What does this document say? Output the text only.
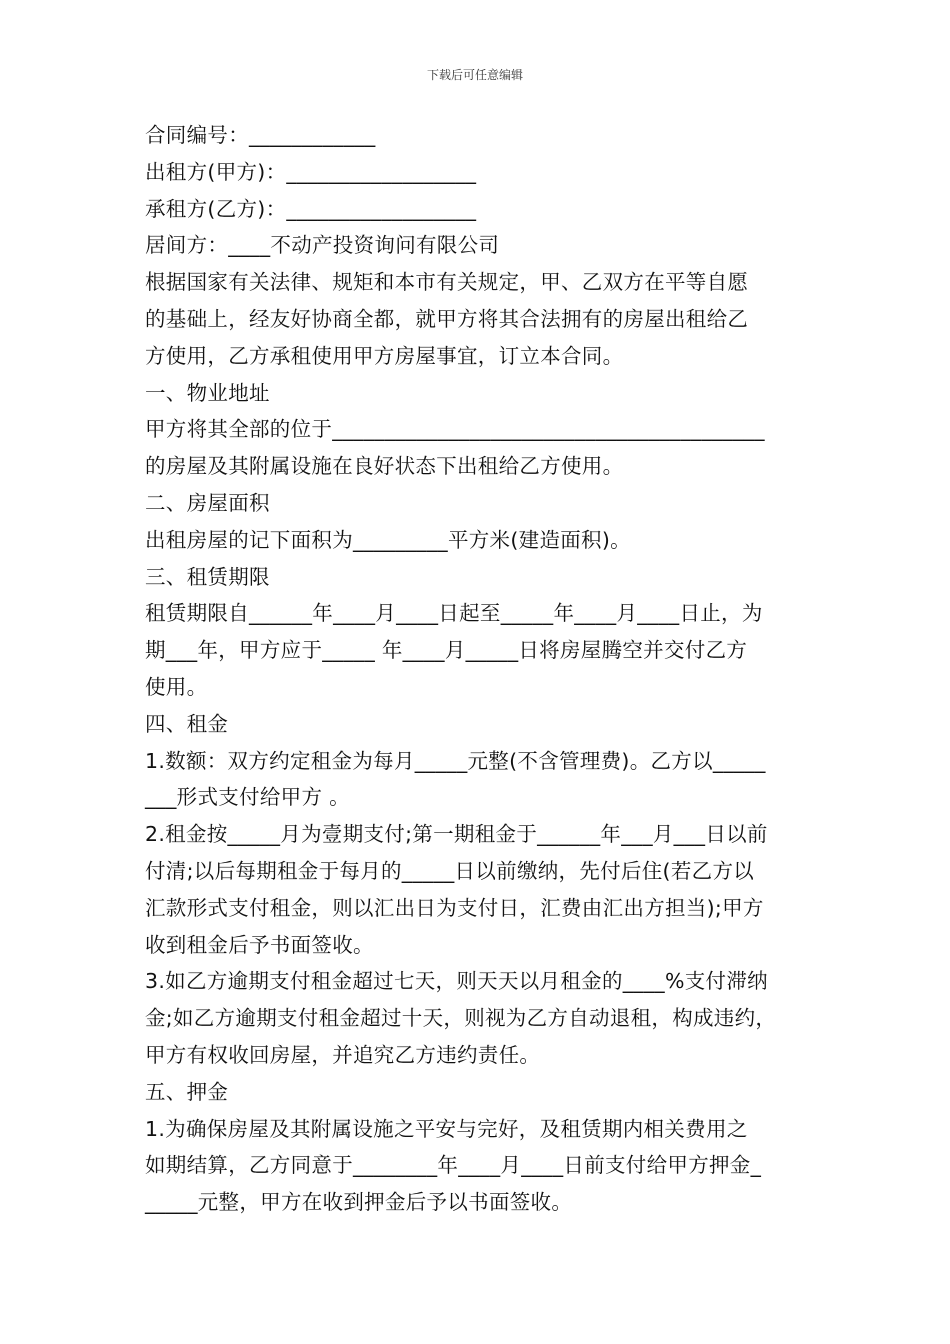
下载后可任意编辑
合同编号：____________
出租方(甲方)：__________________
承租方(乙方)：__________________
居间方：____不动产投资询问有限公司
根据国家有关法律、规矩和本市有关规定，甲、乙双方在平等自愿
的基础上，经友好协商全都，就甲方将其合法拥有的房屋出租给乙
方使用，乙方承租使用甲方房屋事宜，订立本合同。
一、物业地址
甲方将其全部的位于_________________________________________
的房屋及其附属设施在良好状态下出租给乙方使用。
二、房屋面积
出租房屋的记下面积为_________平方米(建造面积)。
三、租赁期限
租赁期限自______年____月____日起至_____年____月____日止，为
期___年，甲方应于_____ 年____月_____日将房屋腾空并交付乙方
使用。
四、租金
1.数额：双方约定租金为每月_____元整(不含管理费)。乙方以_____
___形式支付给甲方 。
2.租金按_____月为壹期支付;第一期租金于______年___月___日以前
付清;以后每期租金于每月的_____日以前缴纳，先付后住(若乙方以
汇款形式支付租金，则以汇出日为支付日，汇费由汇出方担当);甲方
收到租金后予书面签收。
3.如乙方逾期支付租金超过七天，则天天以月租金的____%支付滞纳
金;如乙方逾期支付租金超过十天，则视为乙方自动退租，构成违约，
甲方有权收回房屋，并追究乙方违约责任。
五、押金
1.为确保房屋及其附属设施之平安与完好，及租赁期内相关费用之
如期结算，乙方同意于________年____月____日前支付给甲方押金_
_____元整，甲方在收到押金后予以书面签收。
